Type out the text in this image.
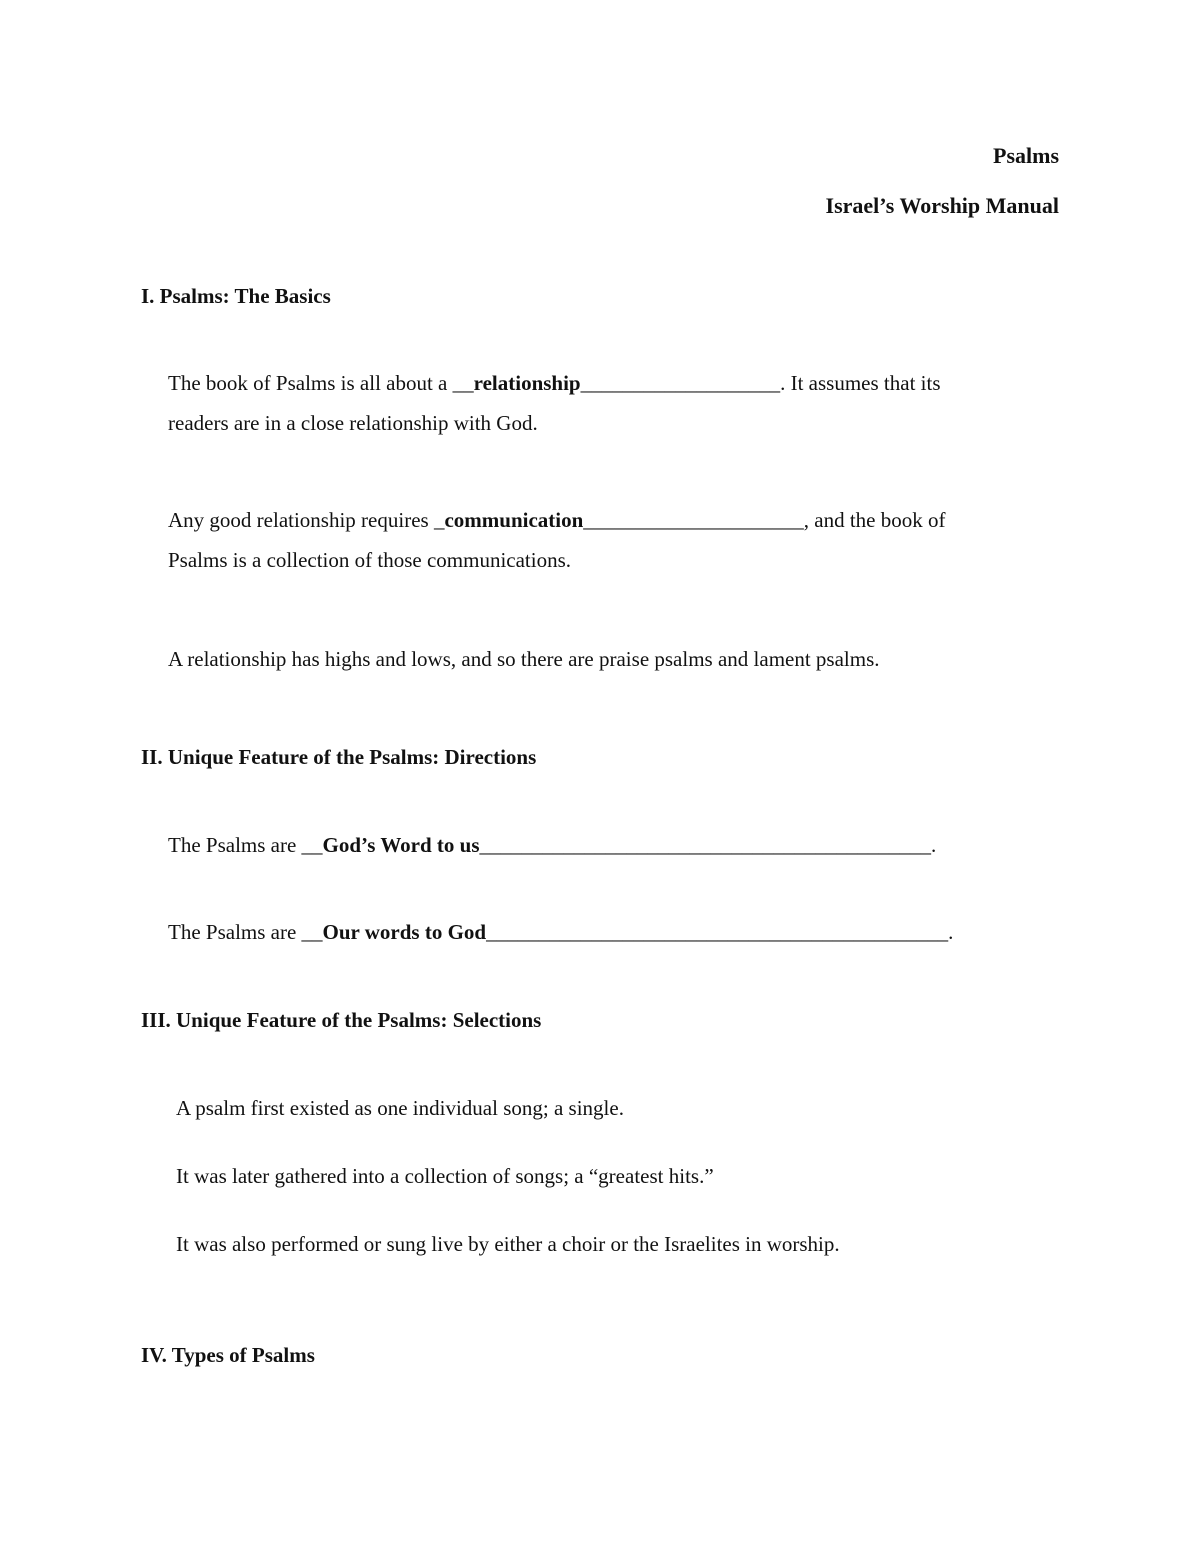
Psalms
Israel’s Worship Manual
I. Psalms: The Basics
The book of Psalms is all about a __relationship___________________. It assumes that its
readers are in a close relationship with God.
Any good relationship requires _communication_____________________, and the book of
Psalms is a collection of those communications.
A relationship has highs and lows, and so there are praise psalms and lament psalms.
II. Unique Feature of the Psalms: Directions
The Psalms are __God’s Word to us___________________________________________.
The Psalms are __Our words to God____________________________________________.
III. Unique Feature of the Psalms: Selections
A psalm first existed as one individual song; a single.
It was later gathered into a collection of songs; a “greatest hits.”
It was also performed or sung live by either a choir or the Israelites in worship.
IV. Types of Psalms
